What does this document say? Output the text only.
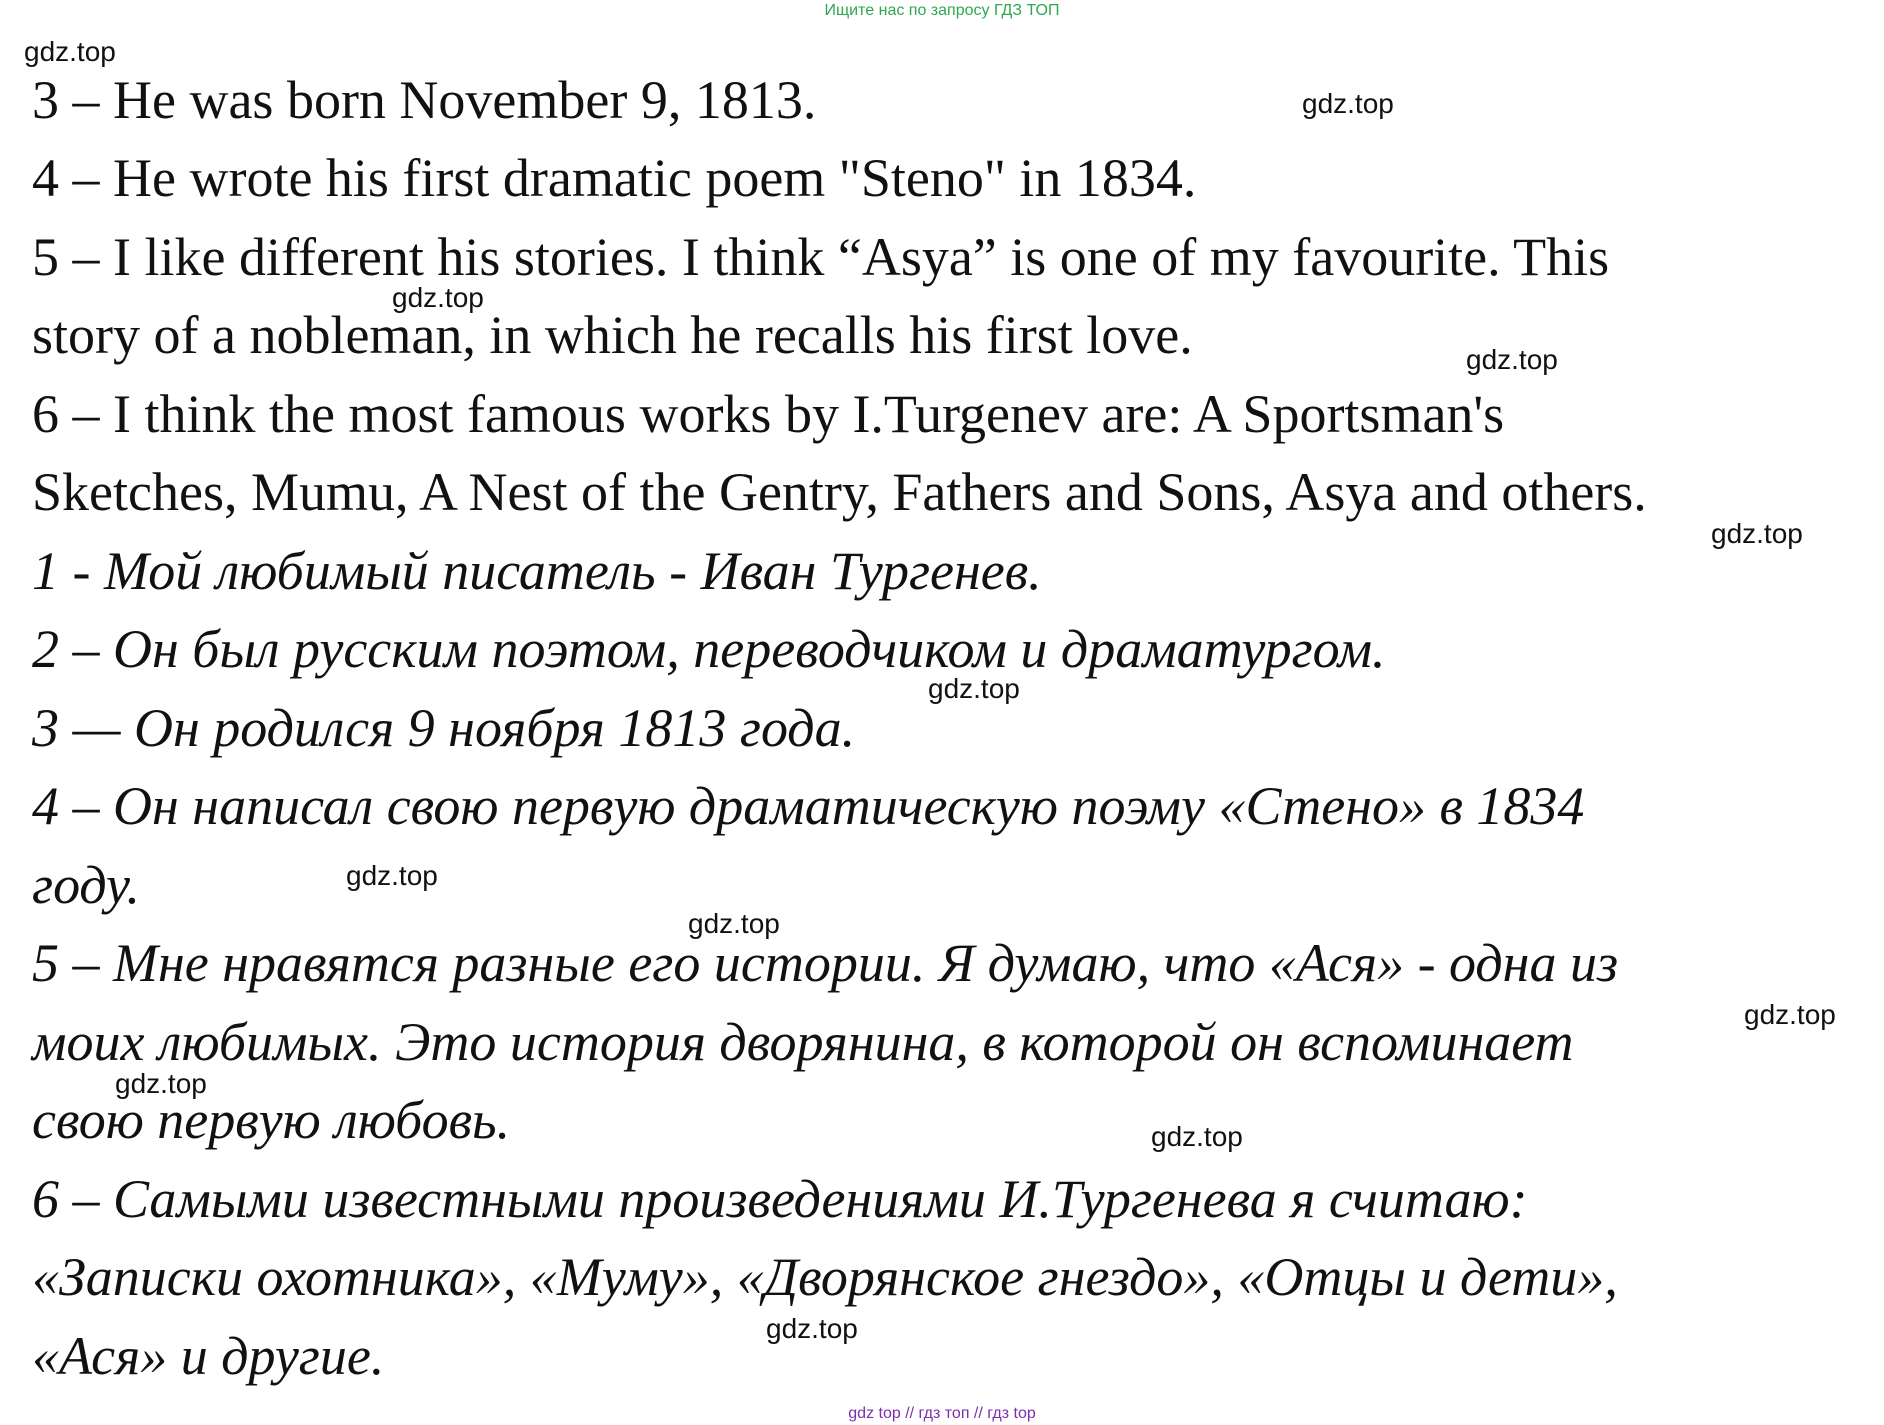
Ищите нас по запросу ГДЗ ТОП
3 – He was born November 9, 1813.
4 – He wrote his first dramatic poem "Steno" in 1834.
5 – I like different his stories. I think “Asya” is one of my favourite. This
story of a nobleman, in which he recalls his first love.
6 – I think the most famous works by I.Turgenev are: A Sportsman's
Sketches, Mumu, A Nest of the Gentry, Fathers and Sons, Asya and others.
1 - Мой любимый писатель - Иван Тургенев.
2 – Он был русским поэтом, переводчиком и драматургом.
3 — Он родился 9 ноября 1813 года.
4 – Он написал свою первую драматическую поэму «Стено» в 1834
году.
5 – Мне нравятся разные его истории. Я думаю, что «Ася» - одна из
моих любимых. Это история дворянина, в которой он вспоминает
свою первую любовь.
6 – Самыми известными произведениями И.Тургенева я считаю:
«Записки охотника», «Муму», «Дворянское гнездо», «Отцы и дети»,
«Ася» и другие.
gdz.top
gdz.top
gdz.top
gdz.top
gdz.top
gdz.top
gdz.top
gdz.top
gdz.top
gdz.top
gdz.top
gdz.top
gdz top // гдз топ // гдз top
